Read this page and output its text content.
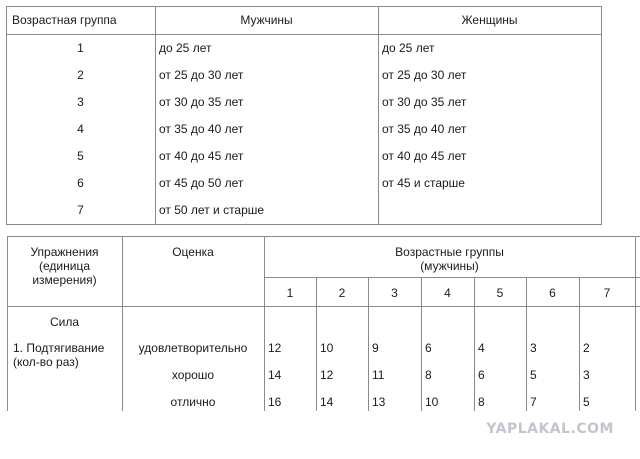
Возрастная группа	Мужчины	Женщины
1	до 25 лет	до 25 лет
2	от 25 до 30 лет	от 25 до 30 лет
3	от 30 до 35 лет	от 30 до 35 лет
4	от 35 до 40 лет	от 35 до 40 лет
5	от 40 до 45 лет	от 40 до 45 лет
6	от 45 до 50 лет	от 45 и старше
7	от 50 лет и старше
Упражнения
(единица
измерения)
Оценка	Возрастные группы
(мужчины)
1	2	3	4	5	6	7
Сила
1. Подтягивание
(кол-во раз)
удовлетворительно	12	10	9	6	4	3	2
хорошо	14	12	11	8	6	5	3
отлично	16	14	13	10	8	7	5
YAPLAKAL.COM
